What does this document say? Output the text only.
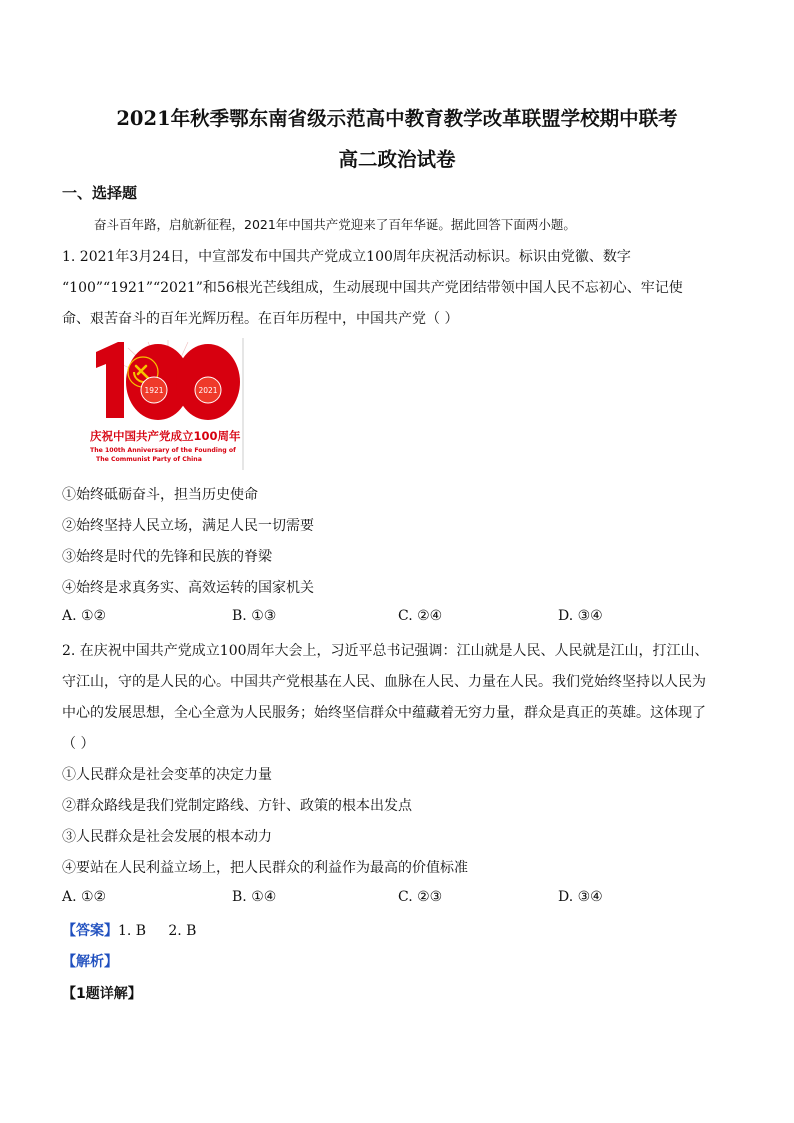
2021年秋季鄂东南省级示范高中教育教学改革联盟学校期中联考
高二政治试卷
一、选择题
奋斗百年路，启航新征程，2021年中国共产党迎来了百年华诞。据此回答下面两小题。
1. 2021年3月24日，中宣部发布中国共产党成立100周年庆祝活动标识。标识由党徽、数字
“100”“1921”“2021”和56根光芒线组成，生动展现中国共产党团结带领中国人民不忘初心、牢记使
命、艰苦奋斗的百年光辉历程。在百年历程中，中国共产党（ ）
1921	2021
庆祝中国共产党成立100周年
The 100th Anniversary of the Founding of
The Communist Party of China
①始终砥砺奋斗，担当历史使命
②始终坚持人民立场，满足人民一切需要
③始终是时代的先锋和民族的脊梁
④始终是求真务实、高效运转的国家机关
A. ①②	B. ①③	C. ②④	D. ③④
2. 在庆祝中国共产党成立100周年大会上，习近平总书记强调：江山就是人民、人民就是江山，打江山、
守江山，守的是人民的心。中国共产党根基在人民、血脉在人民、力量在人民。我们党始终坚持以人民为
中心的发展思想，全心全意为人民服务；始终坚信群众中蕴藏着无穷力量，群众是真正的英雄。这体现了
（ ）
①人民群众是社会变革的决定力量
②群众路线是我们党制定路线、方针、政策的根本出发点
③人民群众是社会发展的根本动力
④要站在人民利益立场上，把人民群众的利益作为最高的价值标准
A. ①②	B. ①④	C. ②③	D. ③④
【答案】1. B     2. B
【解析】
【1题详解】
